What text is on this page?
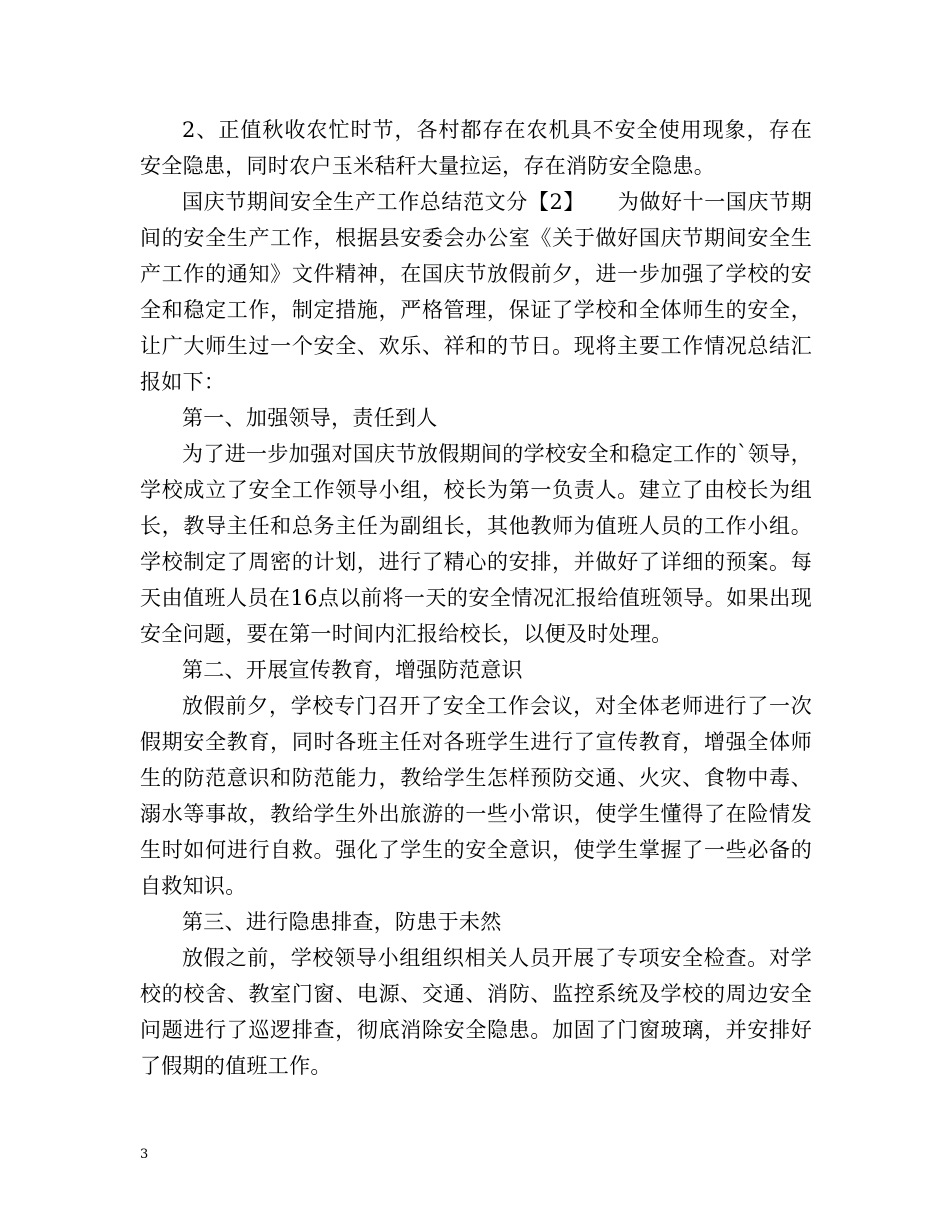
2、正值秋收农忙时节，各村都存在农机具不安全使用现象，存在安全隐患，同时农户玉米秸秆大量拉运，存在消防安全隐患。

国庆节期间安全生产工作总结范文分【2】　　为做好十一国庆节期间的安全生产工作，根据县安委会办公室《关于做好国庆节期间安全生产工作的通知》文件精神，在国庆节放假前夕，进一步加强了学校的安全和稳定工作，制定措施，严格管理，保证了学校和全体师生的安全，让广大师生过一个安全、欢乐、祥和的节日。现将主要工作情况总结汇报如下：

第一、加强领导，责任到人

为了进一步加强对国庆节放假期间的学校安全和稳定工作的`领导，学校成立了安全工作领导小组，校长为第一负责人。建立了由校长为组长，教导主任和总务主任为副组长，其他教师为值班人员的工作小组。学校制定了周密的计划，进行了精心的安排，并做好了详细的预案。每天由值班人员在16点以前将一天的安全情况汇报给值班领导。如果出现安全问题，要在第一时间内汇报给校长，以便及时处理。

第二、开展宣传教育，增强防范意识

放假前夕，学校专门召开了安全工作会议，对全体老师进行了一次假期安全教育，同时各班主任对各班学生进行了宣传教育，增强全体师生的防范意识和防范能力，教给学生怎样预防交通、火灾、食物中毒、溺水等事故，教给学生外出旅游的一些小常识，使学生懂得了在险情发生时如何进行自救。强化了学生的安全意识，使学生掌握了一些必备的自救知识。

第三、进行隐患排查，防患于未然

放假之前，学校领导小组组织相关人员开展了专项安全检查。对学校的校舍、教室门窗、电源、交通、消防、监控系统及学校的周边安全问题进行了巡逻排查，彻底消除安全隐患。加固了门窗玻璃，并安排好了假期的值班工作。

3
